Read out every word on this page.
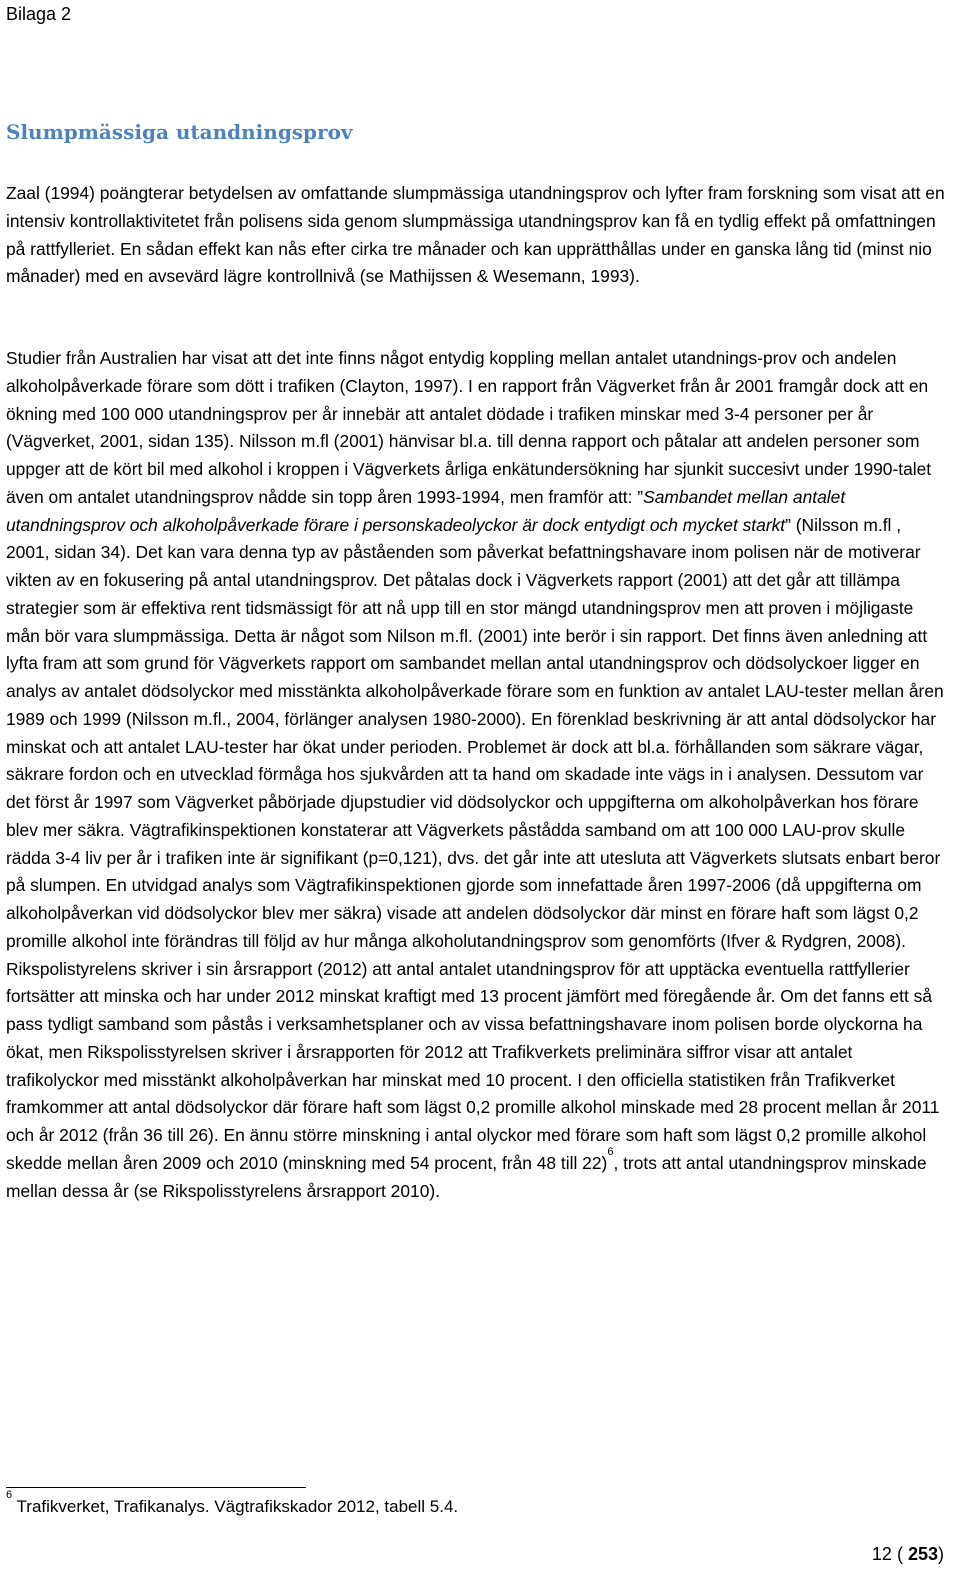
Bilaga 2
Slumpmässiga utandningsprov

Zaal (1994) poängterar betydelsen av omfattande slumpmässiga utandningsprov och lyfter fram forskning som visat att en intensiv kontrollaktivitetet från polisens sida genom slumpmässiga utandningsprov kan få en tydlig effekt på omfattningen på rattfylleriet. En sådan effekt kan nås efter cirka tre månader och kan upprätthållas under en ganska lång tid (minst nio månader) med en avsevärd lägre kontrollnivå (se Mathijssen & Wesemann, 1993).

Studier från Australien har visat att det inte finns något entydig koppling mellan antalet utandnings-prov och andelen alkoholpåverkade förare som dött i trafiken (Clayton, 1997). I en rapport från Vägverket från år 2001 framgår dock att en ökning med 100 000 utandningsprov per år innebär att antalet dödade i trafiken minskar med 3-4 personer per år (Vägverket, 2001, sidan 135). Nilsson m.fl (2001) hänvisar bl.a. till denna rapport och påtalar att andelen personer som uppger att de kört bil med alkohol i kroppen i Vägverkets årliga enkätundersökning har sjunkit succesivt under 1990-talet även om antalet utandningsprov nådde sin topp åren 1993-1994, men framför att: ”Sambandet mellan antalet utandningsprov och alkoholpåverkade förare i personskadeolyckor är dock entydigt och mycket starkt” (Nilsson m.fl , 2001, sidan 34). Det kan vara denna typ av påståenden som påverkat befattningshavare inom polisen när de motiverar vikten av en fokusering på antal utandningsprov. Det påtalas dock i Vägverkets rapport (2001) att det går att tillämpa strategier som är effektiva rent tidsmässigt för att nå upp till en stor mängd utandningsprov men att proven i möjligaste mån bör vara slumpmässiga. Detta är något som Nilson m.fl. (2001) inte berör i sin rapport. Det finns även anledning att lyfta fram att som grund för Vägverkets rapport om sambandet mellan antal utandningsprov och dödsolyckoer ligger en analys av antalet dödsolyckor med misstänkta alkoholpåverkade förare som en funktion av antalet LAU-tester mellan åren 1989 och 1999 (Nilsson m.fl., 2004, förlänger analysen 1980-2000). En förenklad beskrivning är att antal dödsolyckor har minskat och att antalet LAU-tester har ökat under perioden. Problemet är dock att bl.a. förhållanden som säkrare vägar, säkrare fordon och en utvecklad förmåga hos sjukvården att ta hand om skadade inte vägs in i analysen. Dessutom var det först år 1997 som Vägverket påbörjade djupstudier vid dödsolyckor och uppgifterna om alkoholpåverkan hos förare blev mer säkra. Vägtrafikinspektionen konstaterar att Vägverkets påstådda samband om att 100 000 LAU-prov skulle rädda 3-4 liv per år i trafiken inte är signifikant (p=0,121), dvs. det går inte att utesluta att Vägverkets slutsats enbart beror på slumpen. En utvidgad analys som Vägtrafikinspektionen gjorde som innefattade åren 1997-2006 (då uppgifterna om alkoholpåverkan vid dödsolyckor blev mer säkra) visade att andelen dödsolyckor där minst en förare haft som lägst 0,2 promille alkohol inte förändras till följd av hur många alkoholutandningsprov som genomförts (Ifver & Rydgren, 2008). Rikspolistyrelens skriver i sin årsrapport (2012) att antal antalet utandningsprov för att upptäcka eventuella rattfyllerier fortsätter att minska och har under 2012 minskat kraftigt med 13 procent jämfört med föregående år. Om det fanns ett så pass tydligt samband som påstås i verksamhetsplaner och av vissa befattningshavare inom polisen borde olyckorna ha ökat, men Rikspolisstyrelsen skriver i årsrapporten för 2012 att Trafikverkets preliminära siffror visar att antalet trafikolyckor med misstänkt alkoholpåverkan har minskat med 10 procent. I den officiella statistiken från Trafikverket framkommer att antal dödsolyckor där förare haft som lägst 0,2 promille alkohol minskade med 28 procent mellan år 2011 och år 2012 (från 36 till 26). En ännu större minskning i antal olyckor med förare som haft som lägst 0,2 promille alkohol skedde mellan åren 2009 och 2010 (minskning med 54 procent, från 48 till 22)$^6$, trots att antal utandningsprov minskade mellan dessa år (se Rikspolisstyrelens årsrapport 2010).

$^6$ Trafikverket, Trafikanalys. Vägtrafikskador 2012, tabell 5.4.
12 ( 253)
